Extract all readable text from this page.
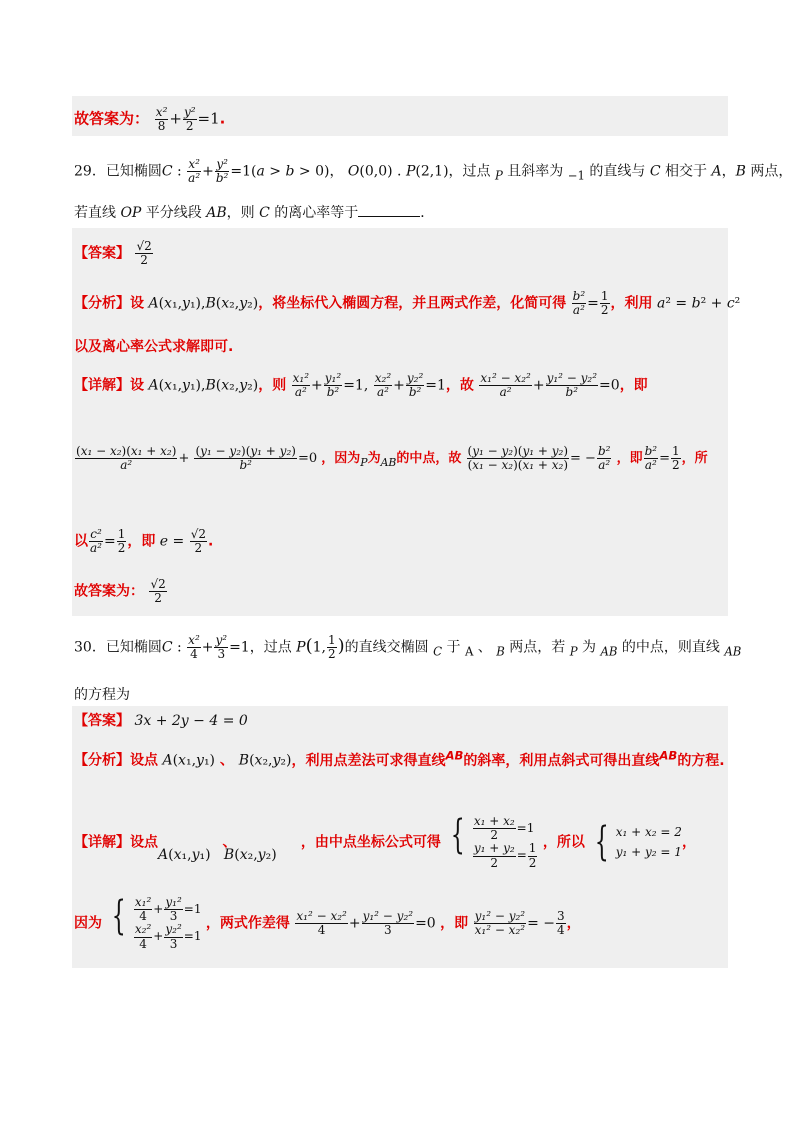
故答案为： $\frac{\text{x²}}{8} + \frac{\text{y²}}{2} =1$.
29．已知椭圆C : $\frac{\text{x²}}{\text{a²}} + \frac{\text{y²}}{\text{b²}} =1(a > b > 0)$， O(0,0) . P(2,1)，过点 $_P$ 且斜率为 $_{-1}$ 的直线与 C 相交于 A，B 两点，
若直线 OP 平分线段 AB，则 C 的离心率等于	．
【答案】 $\frac{√2}{2}$
【分析】设 A(x₁,y₁),B(x₂,y₂)，将坐标代入椭圆方程，并且两式作差，化简可得 $\frac{\text{b²}}{\text{a²}} = \frac{1}{2}$ ，利用 a² = b² + c²
以及离心率公式求解即可.
【详解】设 A(x₁,y₁),B(x₂,y₂)，则 $\frac{\text{x₁²}}{\text{a²}} + \frac{\text{y₁²}}{\text{b²}} =1$, $\frac{\text{x₂²}}{\text{a²}} + \frac{\text{y₂²}}{\text{b²}} =1$，故 $\frac{\text{x₁² − x₂²}}{\text{a²}} + \frac{\text{y₁² − y₂²}}{\text{b²}} =0$，即
$\frac{\text{(x₁ − x₂)(x₁ + x₂)}}{\text{a²}} + \frac{\text{(y₁ − y₂)(y₁ + y₂)}}{\text{b²}} =0$ ，因为$_P$为$_{AB}$的中点，故 $\frac{\text{(y₁ − y₂)(y₁ + y₂)}}{\text{(x₁ − x₂)(x₁ + x₂)}}$ = − $\frac{\text{b²}}{\text{a²}}$ ，即 $\frac{\text{b²}}{\text{a²}} = \frac{1}{2}$ ，所
以 $\frac{\text{c²}}{\text{a²}} = \frac{1}{2}$ ，即 $e = \frac{√2}{2}$ .
故答案为： $\frac{√2}{2}$
30．已知椭圆C : $\frac{\text{x²}}{4} + \frac{\text{y²}}{3} =1$，过点 P(1, $\frac{1}{2}$ )的直线交椭圆 $_C$ 于 $_A$ 、 $_B$ 两点，若 $_P$ 为 $_{AB}$ 的中点，则直线 $_{AB}$
的方程为
【答案】 3x + 2y − 4 = 0
【分析】设点 A(x₁,y₁) 、 B(x₂,y₂)，利用点差法可求得直线$^{AB}$的斜率，利用点斜式可得出直线$^{AB}$的方程.
【详解】设点	、	，由中点坐标公式可得 { $\frac{\text{x₁ + x₂}}{2} =1$
$\frac{\text{y₁ + y₂}}{2} = \frac{1}{2}$ ，所以 { x₁ + x₂ = 2
y₁ + y₂ = 1
，
A(x₁,y₁)   B(x₂,y₂)
因为 { $\frac{\text{x₁²}}{4} + \frac{\text{y₁²}}{3} =1$
$\frac{\text{x₂²}}{4} + \frac{\text{y₂²}}{3} =1$
，两式作差得 $\frac{\text{x₁² − x₂²}}{4} + \frac{\text{y₁² − y₂²}}{3} =0$ ，即 $\frac{\text{y₁² − y₂²}}{\text{x₁² − x₂²}}$ = − $\frac{3}{4}$ ，
